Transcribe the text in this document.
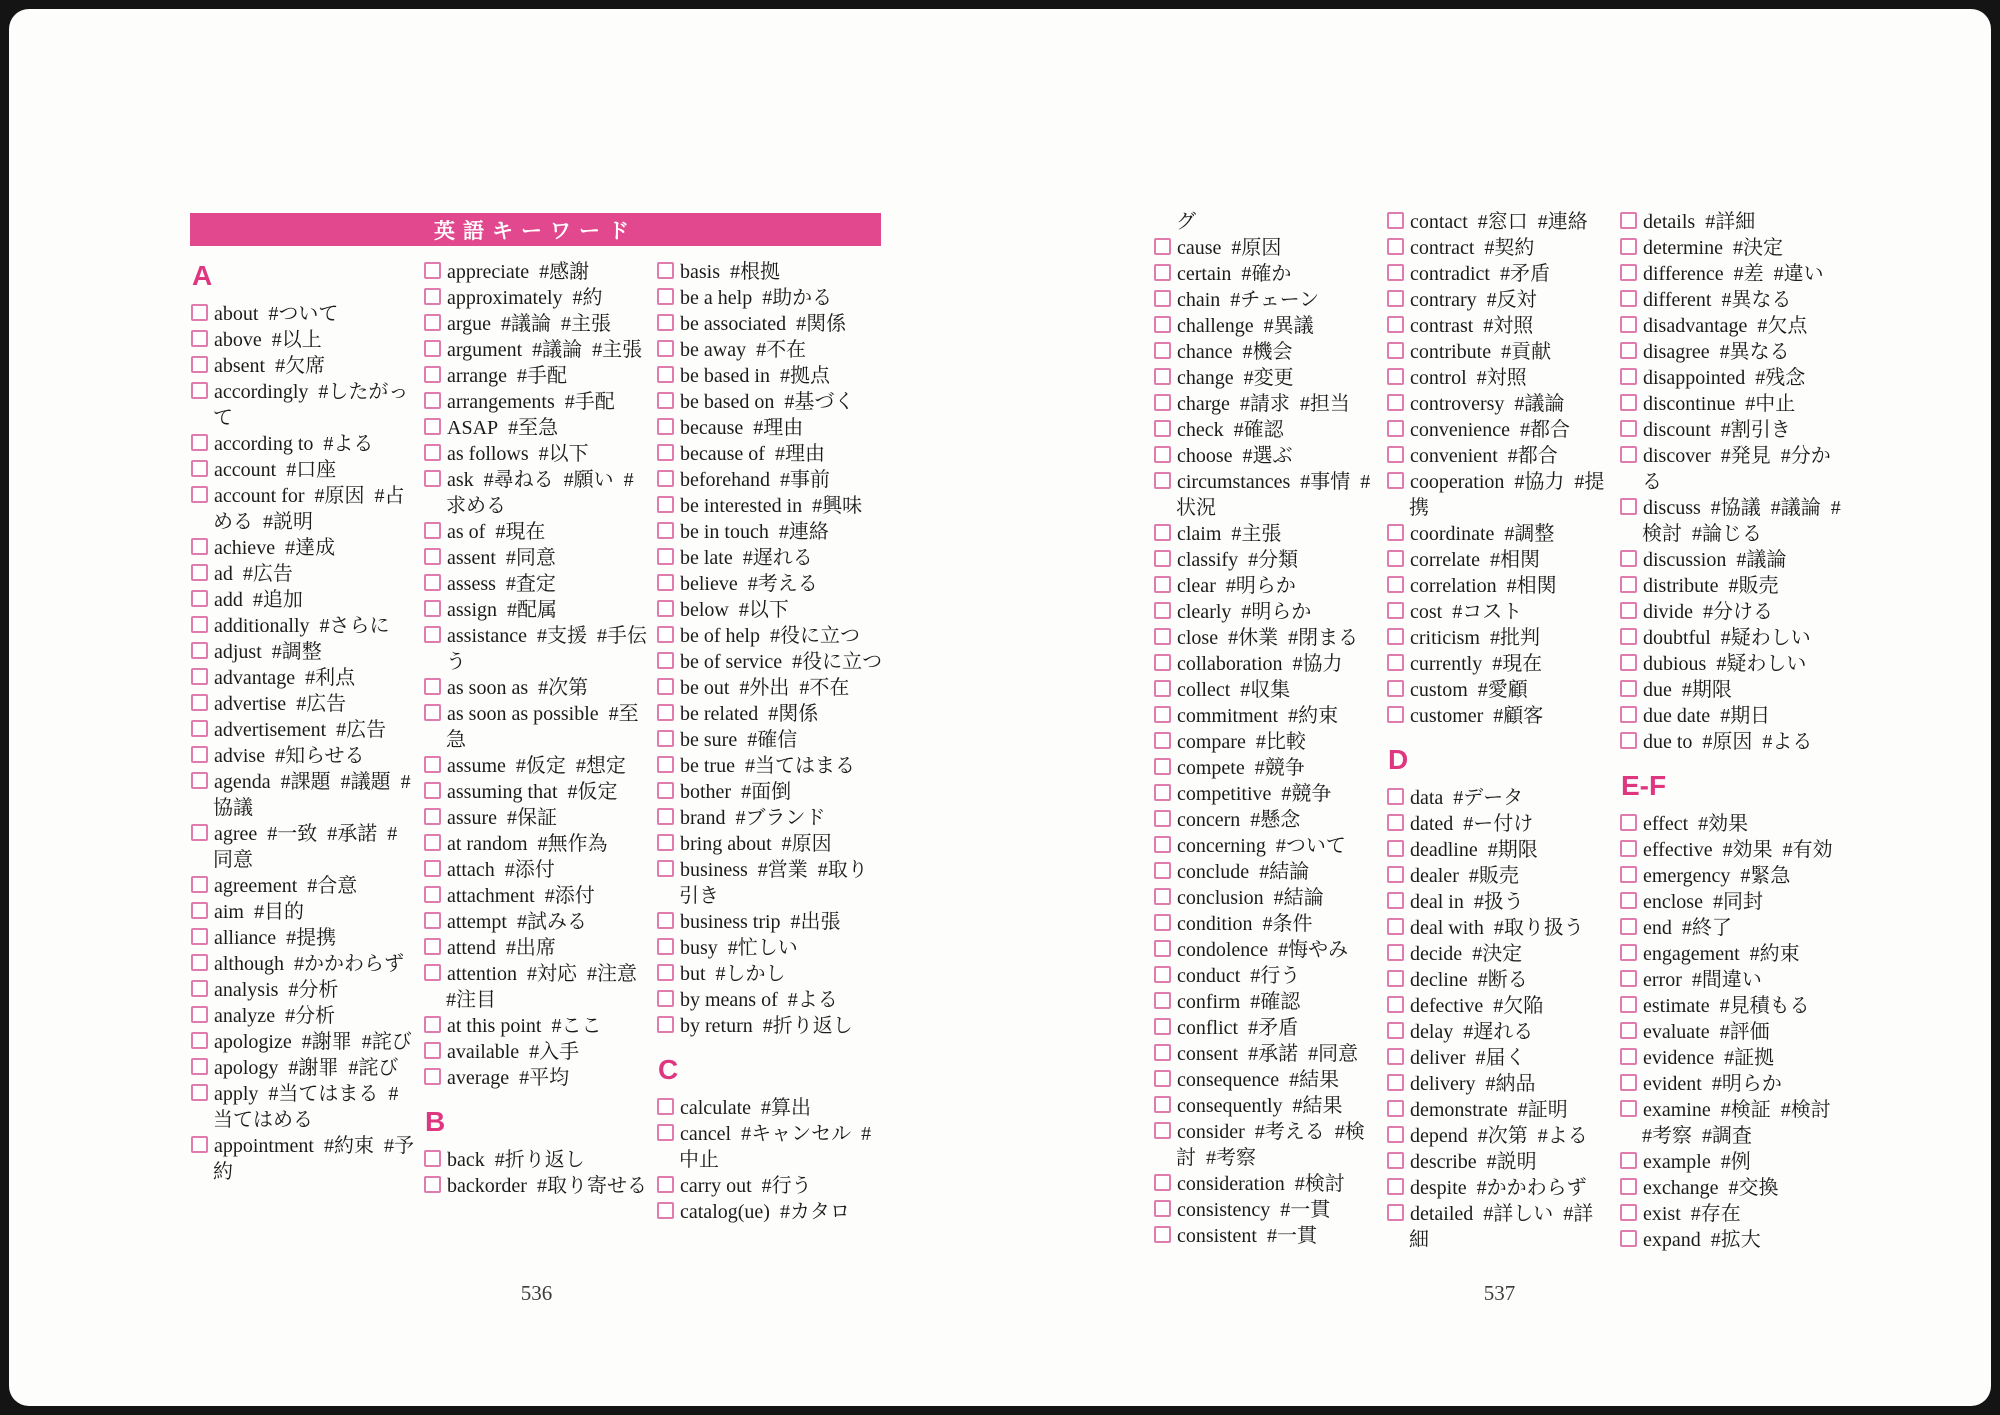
英語キーワード
A
about #ついて
above #以上
absent #欠席
accordingly #したがって
according to #よる
account #口座
account for #原因 #占める #説明
achieve #達成
ad #広告
add #追加
additionally #さらに
adjust #調整
advantage #利点
advertise #広告
advertisement #広告
advise #知らせる
agenda #課題 #議題 #協議
agree #一致 #承諾 #同意
agreement #合意
aim #目的
alliance #提携
although #かかわらず
analysis #分析
analyze #分析
apologize #謝罪 #詫び
apology #謝罪 #詫び
apply #当てはまる #当てはめる
appointment #約束 #予約
appreciate #感謝
approximately #約
argue #議論 #主張
argument #議論 #主張
arrange #手配
arrangements #手配
ASAP #至急
as follows #以下
ask #尋ねる #願い #求める
as of #現在
assent #同意
assess #査定
assign #配属
assistance #支援 #手伝う
as soon as #次第
as soon as possible #至急
assume #仮定 #想定
assuming that #仮定
assure #保証
at random #無作為
attach #添付
attachment #添付
attempt #試みる
attend #出席
attention #対応 #注意 #注目
at this point #ここ
available #入手
average #平均
B
back #折り返し
backorder #取り寄せる
basis #根拠
be a help #助かる
be associated #関係
be away #不在
be based in #拠点
be based on #基づく
because #理由
because of #理由
beforehand #事前
be interested in #興味
be in touch #連絡
be late #遅れる
believe #考える
below #以下
be of help #役に立つ
be of service #役に立つ
be out #外出 #不在
be related #関係
be sure #確信
be true #当てはまる
bother #面倒
brand #ブランド
bring about #原因
business #営業 #取り引き
business trip #出張
busy #忙しい
but #しかし
by means of #よる
by return #折り返し
C
calculate #算出
cancel #キャンセル #中止
carry out #行う
catalog(ue) #カタロ
536
グ
cause #原因
certain #確か
chain #チェーン
challenge #異議
chance #機会
change #変更
charge #請求 #担当
check #確認
choose #選ぶ
circumstances #事情 #状況
claim #主張
classify #分類
clear #明らか
clearly #明らか
close #休業 #閉まる
collaboration #協力
collect #収集
commitment #約束
compare #比較
compete #競争
competitive #競争
concern #懸念
concerning #ついて
conclude #結論
conclusion #結論
condition #条件
condolence #悔やみ
conduct #行う
confirm #確認
conflict #矛盾
consent #承諾 #同意
consequence #結果
consequently #結果
consider #考える #検討 #考察
consideration #検討
consistency #一貫
consistent #一貫
contact #窓口 #連絡
contract #契約
contradict #矛盾
contrary #反対
contrast #対照
contribute #貢献
control #対照
controversy #議論
convenience #都合
convenient #都合
cooperation #協力 #提携
coordinate #調整
correlate #相関
correlation #相関
cost #コスト
criticism #批判
currently #現在
custom #愛顧
customer #顧客
D
data #データ
dated #ー付け
deadline #期限
dealer #販売
deal in #扱う
deal with #取り扱う
decide #決定
decline #断る
defective #欠陥
delay #遅れる
deliver #届く
delivery #納品
demonstrate #証明
depend #次第 #よる
describe #説明
despite #かかわらず
detailed #詳しい #詳細
details #詳細
determine #決定
difference #差 #違い
different #異なる
disadvantage #欠点
disagree #異なる
disappointed #残念
discontinue #中止
discount #割引き
discover #発見 #分かる
discuss #協議 #議論 #検討 #論じる
discussion #議論
distribute #販売
divide #分ける
doubtful #疑わしい
dubious #疑わしい
due #期限
due date #期日
due to #原因 #よる
E-F
effect #効果
effective #効果 #有効
emergency #緊急
enclose #同封
end #終了
engagement #約束
error #間違い
estimate #見積もる
evaluate #評価
evidence #証拠
evident #明らか
examine #検証 #検討 #考察 #調査
example #例
exchange #交換
exist #存在
expand #拡大
537
